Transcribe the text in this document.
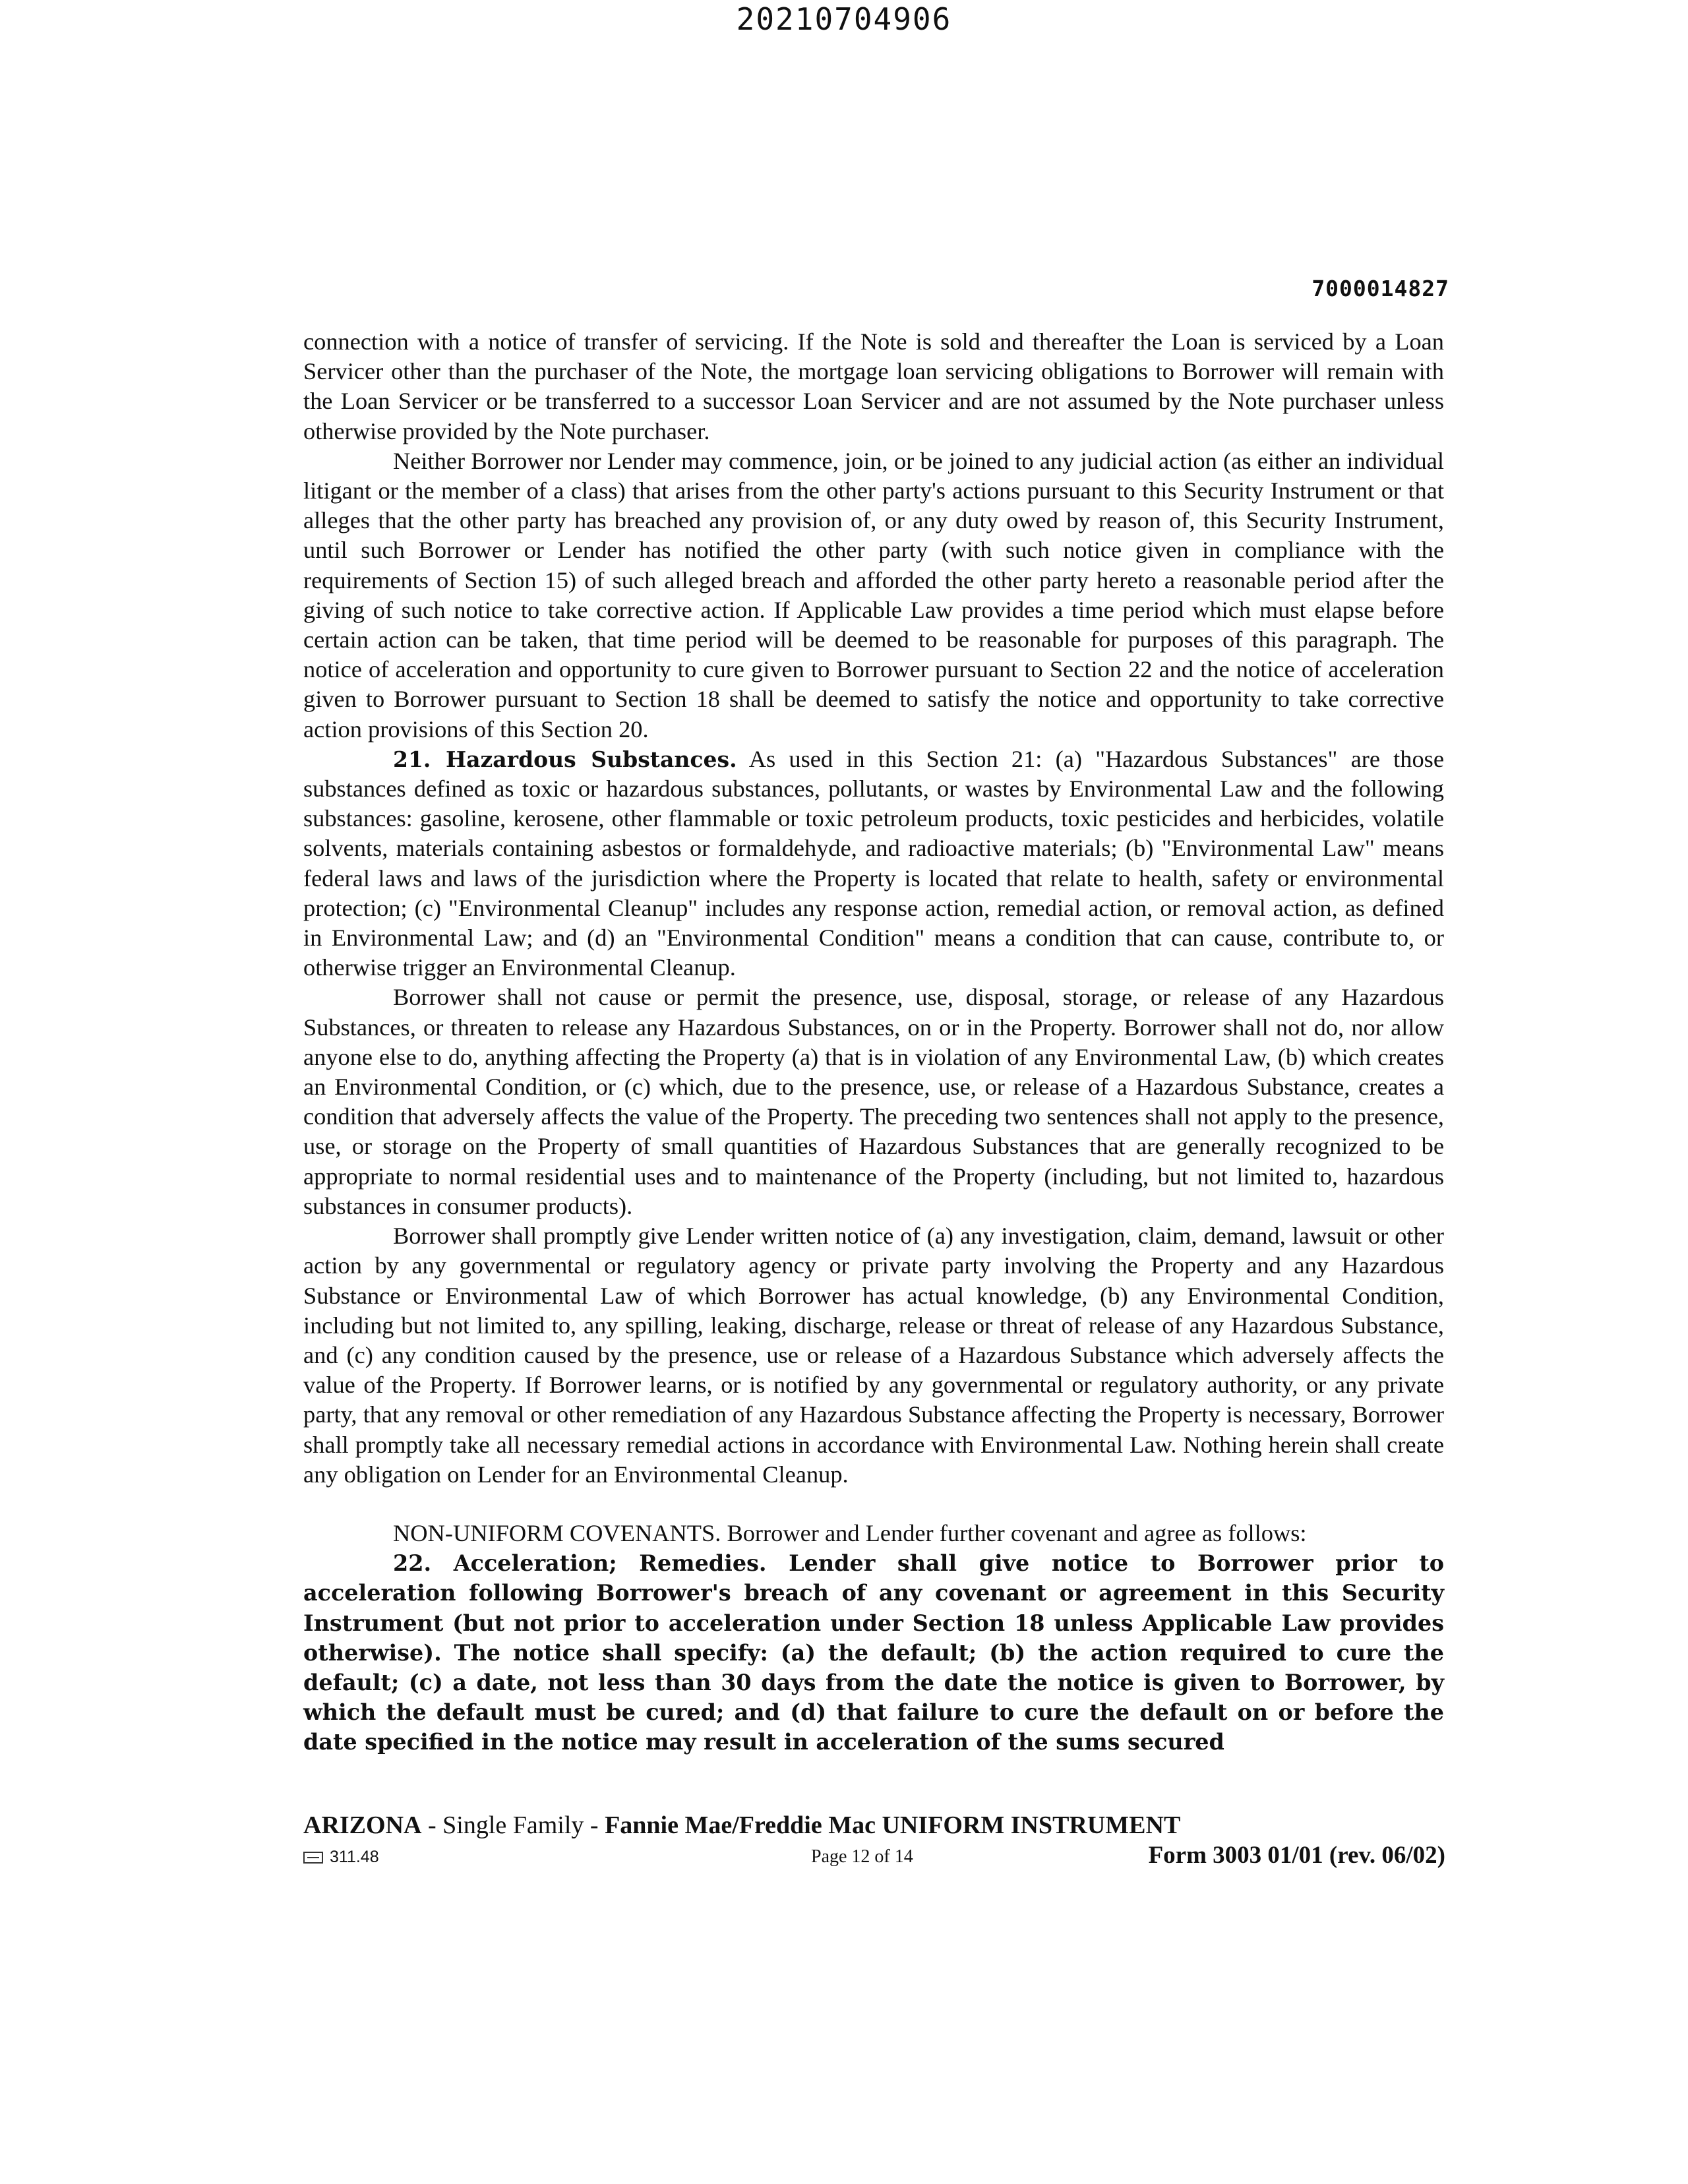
20210704906
7000014827

connection with a notice of transfer of servicing. If the Note is sold and thereafter the Loan is serviced by a Loan Servicer other than the purchaser of the Note, the mortgage loan servicing obligations to Borrower will remain with the Loan Servicer or be transferred to a successor Loan Servicer and are not assumed by the Note purchaser unless otherwise provided by the Note purchaser.

Neither Borrower nor Lender may commence, join, or be joined to any judicial action (as either an individual litigant or the member of a class) that arises from the other party's actions pursuant to this Security Instrument or that alleges that the other party has breached any provision of, or any duty owed by reason of, this Security Instrument, until such Borrower or Lender has notified the other party (with such notice given in compliance with the requirements of Section 15) of such alleged breach and afforded the other party hereto a reasonable period after the giving of such notice to take corrective action. If Applicable Law provides a time period which must elapse before certain action can be taken, that time period will be deemed to be reasonable for purposes of this paragraph. The notice of acceleration and opportunity to cure given to Borrower pursuant to Section 22 and the notice of acceleration given to Borrower pursuant to Section 18 shall be deemed to satisfy the notice and opportunity to take corrective action provisions of this Section 20.

21. Hazardous Substances. As used in this Section 21: (a) "Hazardous Substances" are those substances defined as toxic or hazardous substances, pollutants, or wastes by Environmental Law and the following substances: gasoline, kerosene, other flammable or toxic petroleum products, toxic pesticides and herbicides, volatile solvents, materials containing asbestos or formaldehyde, and radioactive materials; (b) "Environmental Law" means federal laws and laws of the jurisdiction where the Property is located that relate to health, safety or environmental protection; (c) "Environmental Cleanup" includes any response action, remedial action, or removal action, as defined in Environmental Law; and (d) an "Environmental Condition" means a condition that can cause, contribute to, or otherwise trigger an Environmental Cleanup.

Borrower shall not cause or permit the presence, use, disposal, storage, or release of any Hazardous Substances, or threaten to release any Hazardous Substances, on or in the Property. Borrower shall not do, nor allow anyone else to do, anything affecting the Property (a) that is in violation of any Environmental Law, (b) which creates an Environmental Condition, or (c) which, due to the presence, use, or release of a Hazardous Substance, creates a condition that adversely affects the value of the Property. The preceding two sentences shall not apply to the presence, use, or storage on the Property of small quantities of Hazardous Substances that are generally recognized to be appropriate to normal residential uses and to maintenance of the Property (including, but not limited to, hazardous substances in consumer products).

Borrower shall promptly give Lender written notice of (a) any investigation, claim, demand, lawsuit or other action by any governmental or regulatory agency or private party involving the Property and any Hazardous Substance or Environmental Law of which Borrower has actual knowledge, (b) any Environmental Condition, including but not limited to, any spilling, leaking, discharge, release or threat of release of any Hazardous Substance, and (c) any condition caused by the presence, use or release of a Hazardous Substance which adversely affects the value of the Property. If Borrower learns, or is notified by any governmental or regulatory authority, or any private party, that any removal or other remediation of any Hazardous Substance affecting the Property is necessary, Borrower shall promptly take all necessary remedial actions in accordance with Environmental Law. Nothing herein shall create any obligation on Lender for an Environmental Cleanup.

NON-UNIFORM COVENANTS. Borrower and Lender further covenant and agree as follows:

22. Acceleration; Remedies. Lender shall give notice to Borrower prior to acceleration following Borrower's breach of any covenant or agreement in this Security Instrument (but not prior to acceleration under Section 18 unless Applicable Law provides otherwise). The notice shall specify: (a) the default; (b) the action required to cure the default; (c) a date, not less than 30 days from the date the notice is given to Borrower, by which the default must be cured; and (d) that failure to cure the default on or before the date specified in the notice may result in acceleration of the sums secured

ARIZONA - Single Family - Fannie Mae/Freddie Mac UNIFORM INSTRUMENT
311.48	Page 12 of 14	Form 3003 01/01 (rev. 06/02)
